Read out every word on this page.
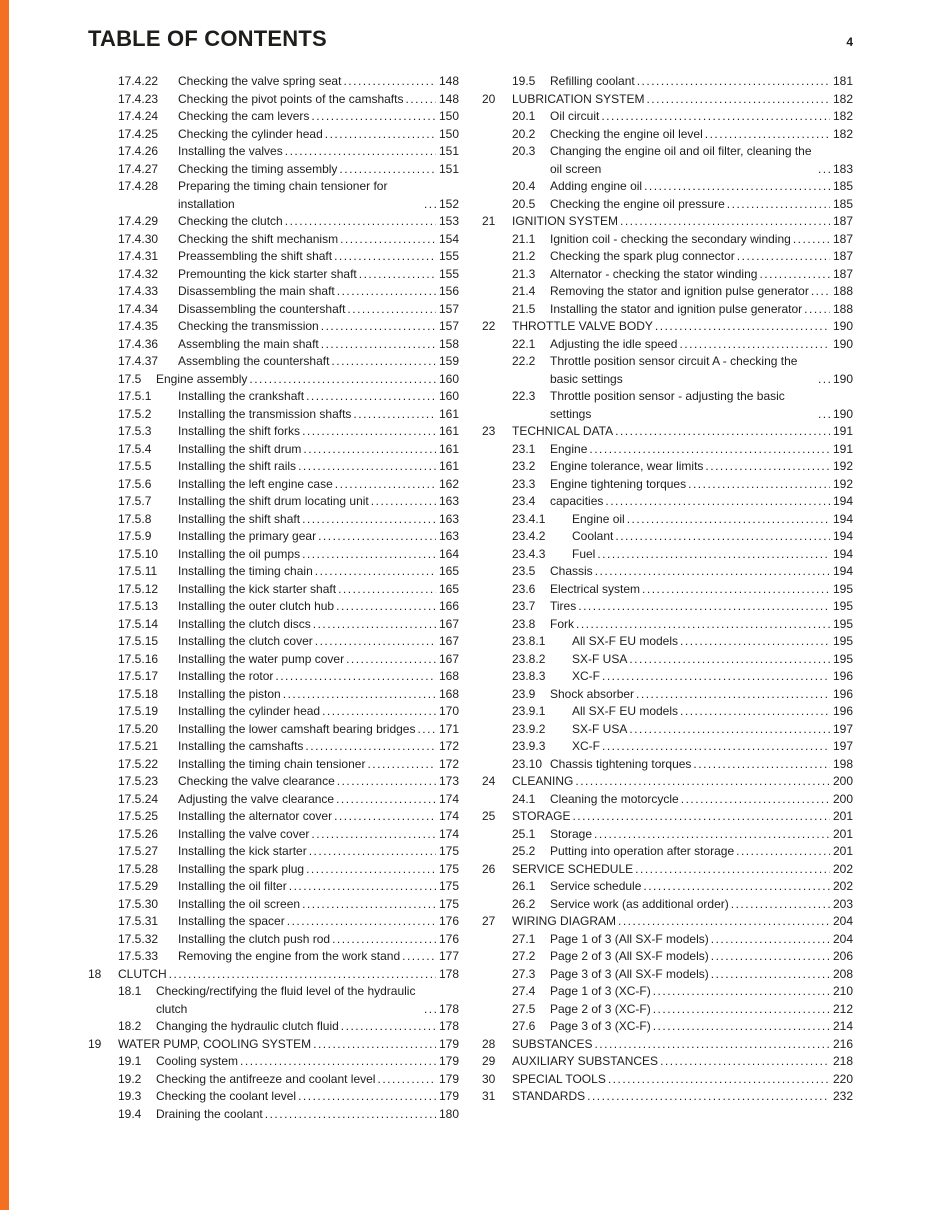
TABLE OF CONTENTS	4
17.4.22	Checking the valve spring seat .....	148
17.4.23	Checking the pivot points of the camshafts .....	148
17.4.24	Checking the cam levers .....	150
17.4.25	Checking the cylinder head .....	150
17.4.26	Installing the valves .....	151
17.4.27	Checking the timing assembly .....	151
17.4.28	Preparing the timing chain tensioner for installation .....	152
17.4.29	Checking the clutch .....	153
17.4.30	Checking the shift mechanism .....	154
17.4.31	Preassembling the shift shaft .....	155
17.4.32	Premounting the kick starter shaft .....	155
17.4.33	Disassembling the main shaft .....	156
17.4.34	Disassembling the countershaft .....	157
17.4.35	Checking the transmission .....	157
17.4.36	Assembling the main shaft .....	158
17.4.37	Assembling the countershaft .....	159
17.5	Engine assembly .....	160
17.5.1	Installing the crankshaft .....	160
17.5.2	Installing the transmission shafts .....	161
17.5.3	Installing the shift forks .....	161
17.5.4	Installing the shift drum .....	161
17.5.5	Installing the shift rails .....	161
17.5.6	Installing the left engine case .....	162
17.5.7	Installing the shift drum locating unit .....	163
17.5.8	Installing the shift shaft .....	163
17.5.9	Installing the primary gear .....	163
17.5.10	Installing the oil pumps .....	164
17.5.11	Installing the timing chain .....	165
17.5.12	Installing the kick starter shaft .....	165
17.5.13	Installing the outer clutch hub .....	166
17.5.14	Installing the clutch discs .....	167
17.5.15	Installing the clutch cover .....	167
17.5.16	Installing the water pump cover .....	167
17.5.17	Installing the rotor .....	168
17.5.18	Installing the piston .....	168
17.5.19	Installing the cylinder head .....	170
17.5.20	Installing the lower camshaft bearing bridges ..... 171
17.5.21	Installing the camshafts .....	172
17.5.22	Installing the timing chain tensioner .....	172
17.5.23	Checking the valve clearance .....	173
17.5.24	Adjusting the valve clearance .....	174
17.5.25	Installing the alternator cover .....	174
17.5.26	Installing the valve cover .....	174
17.5.27	Installing the kick starter .....	175
17.5.28	Installing the spark plug .....	175
17.5.29	Installing the oil filter .....	175
17.5.30	Installing the oil screen .....	175
17.5.31	Installing the spacer .....	176
17.5.32	Installing the clutch push rod .....	176
17.5.33	Removing the engine from the work stand .....	177
18	CLUTCH .....	178
18.1	Checking/rectifying the fluid level of the hydraulic clutch .....	178
18.2	Changing the hydraulic clutch fluid .....	178
19	WATER PUMP, COOLING SYSTEM .....	179
19.1	Cooling system .....	179
19.2	Checking the antifreeze and coolant level .....	179
19.3	Checking the coolant level .....	179
19.4	Draining the coolant .....	180
19.5	Refilling coolant .....	181
20	LUBRICATION SYSTEM .....	182
20.1	Oil circuit .....	182
20.2	Checking the engine oil level .....	182
20.3	Changing the engine oil and oil filter, cleaning the oil screen .....	183
20.4	Adding engine oil .....	185
20.5	Checking the engine oil pressure .....	185
21	IGNITION SYSTEM .....	187
21.1	Ignition coil - checking the secondary winding .....	187
21.2	Checking the spark plug connector .....	187
21.3	Alternator - checking the stator winding .....	187
21.4	Removing the stator and ignition pulse generator ..... 188
21.5	Installing the stator and ignition pulse generator .....	188
22	THROTTLE VALVE BODY .....	190
22.1	Adjusting the idle speed .....	190
22.2	Throttle position sensor circuit A - checking the basic settings .....	190
22.3	Throttle position sensor - adjusting the basic settings .....	190
23	TECHNICAL DATA .....	191
23.1	Engine .....	191
23.2	Engine tolerance, wear limits .....	192
23.3	Engine tightening torques .....	192
23.4	capacities .....	194
23.4.1	Engine oil .....	194
23.4.2	Coolant .....	194
23.4.3	Fuel .....	194
23.5	Chassis .....	194
23.6	Electrical system .....	195
23.7	Tires .....	195
23.8	Fork .....	195
23.8.1	All SX-F EU models .....	195
23.8.2	SX-F USA .....	195
23.8.3	XC-F .....	196
23.9	Shock absorber .....	196
23.9.1	All SX-F EU models .....	196
23.9.2	SX-F USA .....	197
23.9.3	XC-F .....	197
23.10 Chassis tightening torques .....	198
24	CLEANING .....	200
24.1	Cleaning the motorcycle .....	200
25	STORAGE .....	201
25.1	Storage .....	201
25.2	Putting into operation after storage .....	201
26	SERVICE SCHEDULE .....	202
26.1	Service schedule .....	202
26.2	Service work (as additional order) .....	203
27	WIRING DIAGRAM .....	204
27.1	Page 1 of 3 (All SX-F models) .....	204
27.2	Page 2 of 3 (All SX-F models) .....	206
27.3	Page 3 of 3 (All SX-F models) .....	208
27.4	Page 1 of 3 (XC-F) .....	210
27.5	Page 2 of 3 (XC-F) .....	212
27.6	Page 3 of 3 (XC-F) .....	214
28	SUBSTANCES .....	216
29	AUXILIARY SUBSTANCES .....	218
30	SPECIAL TOOLS .....	220
31	STANDARDS .....	232
